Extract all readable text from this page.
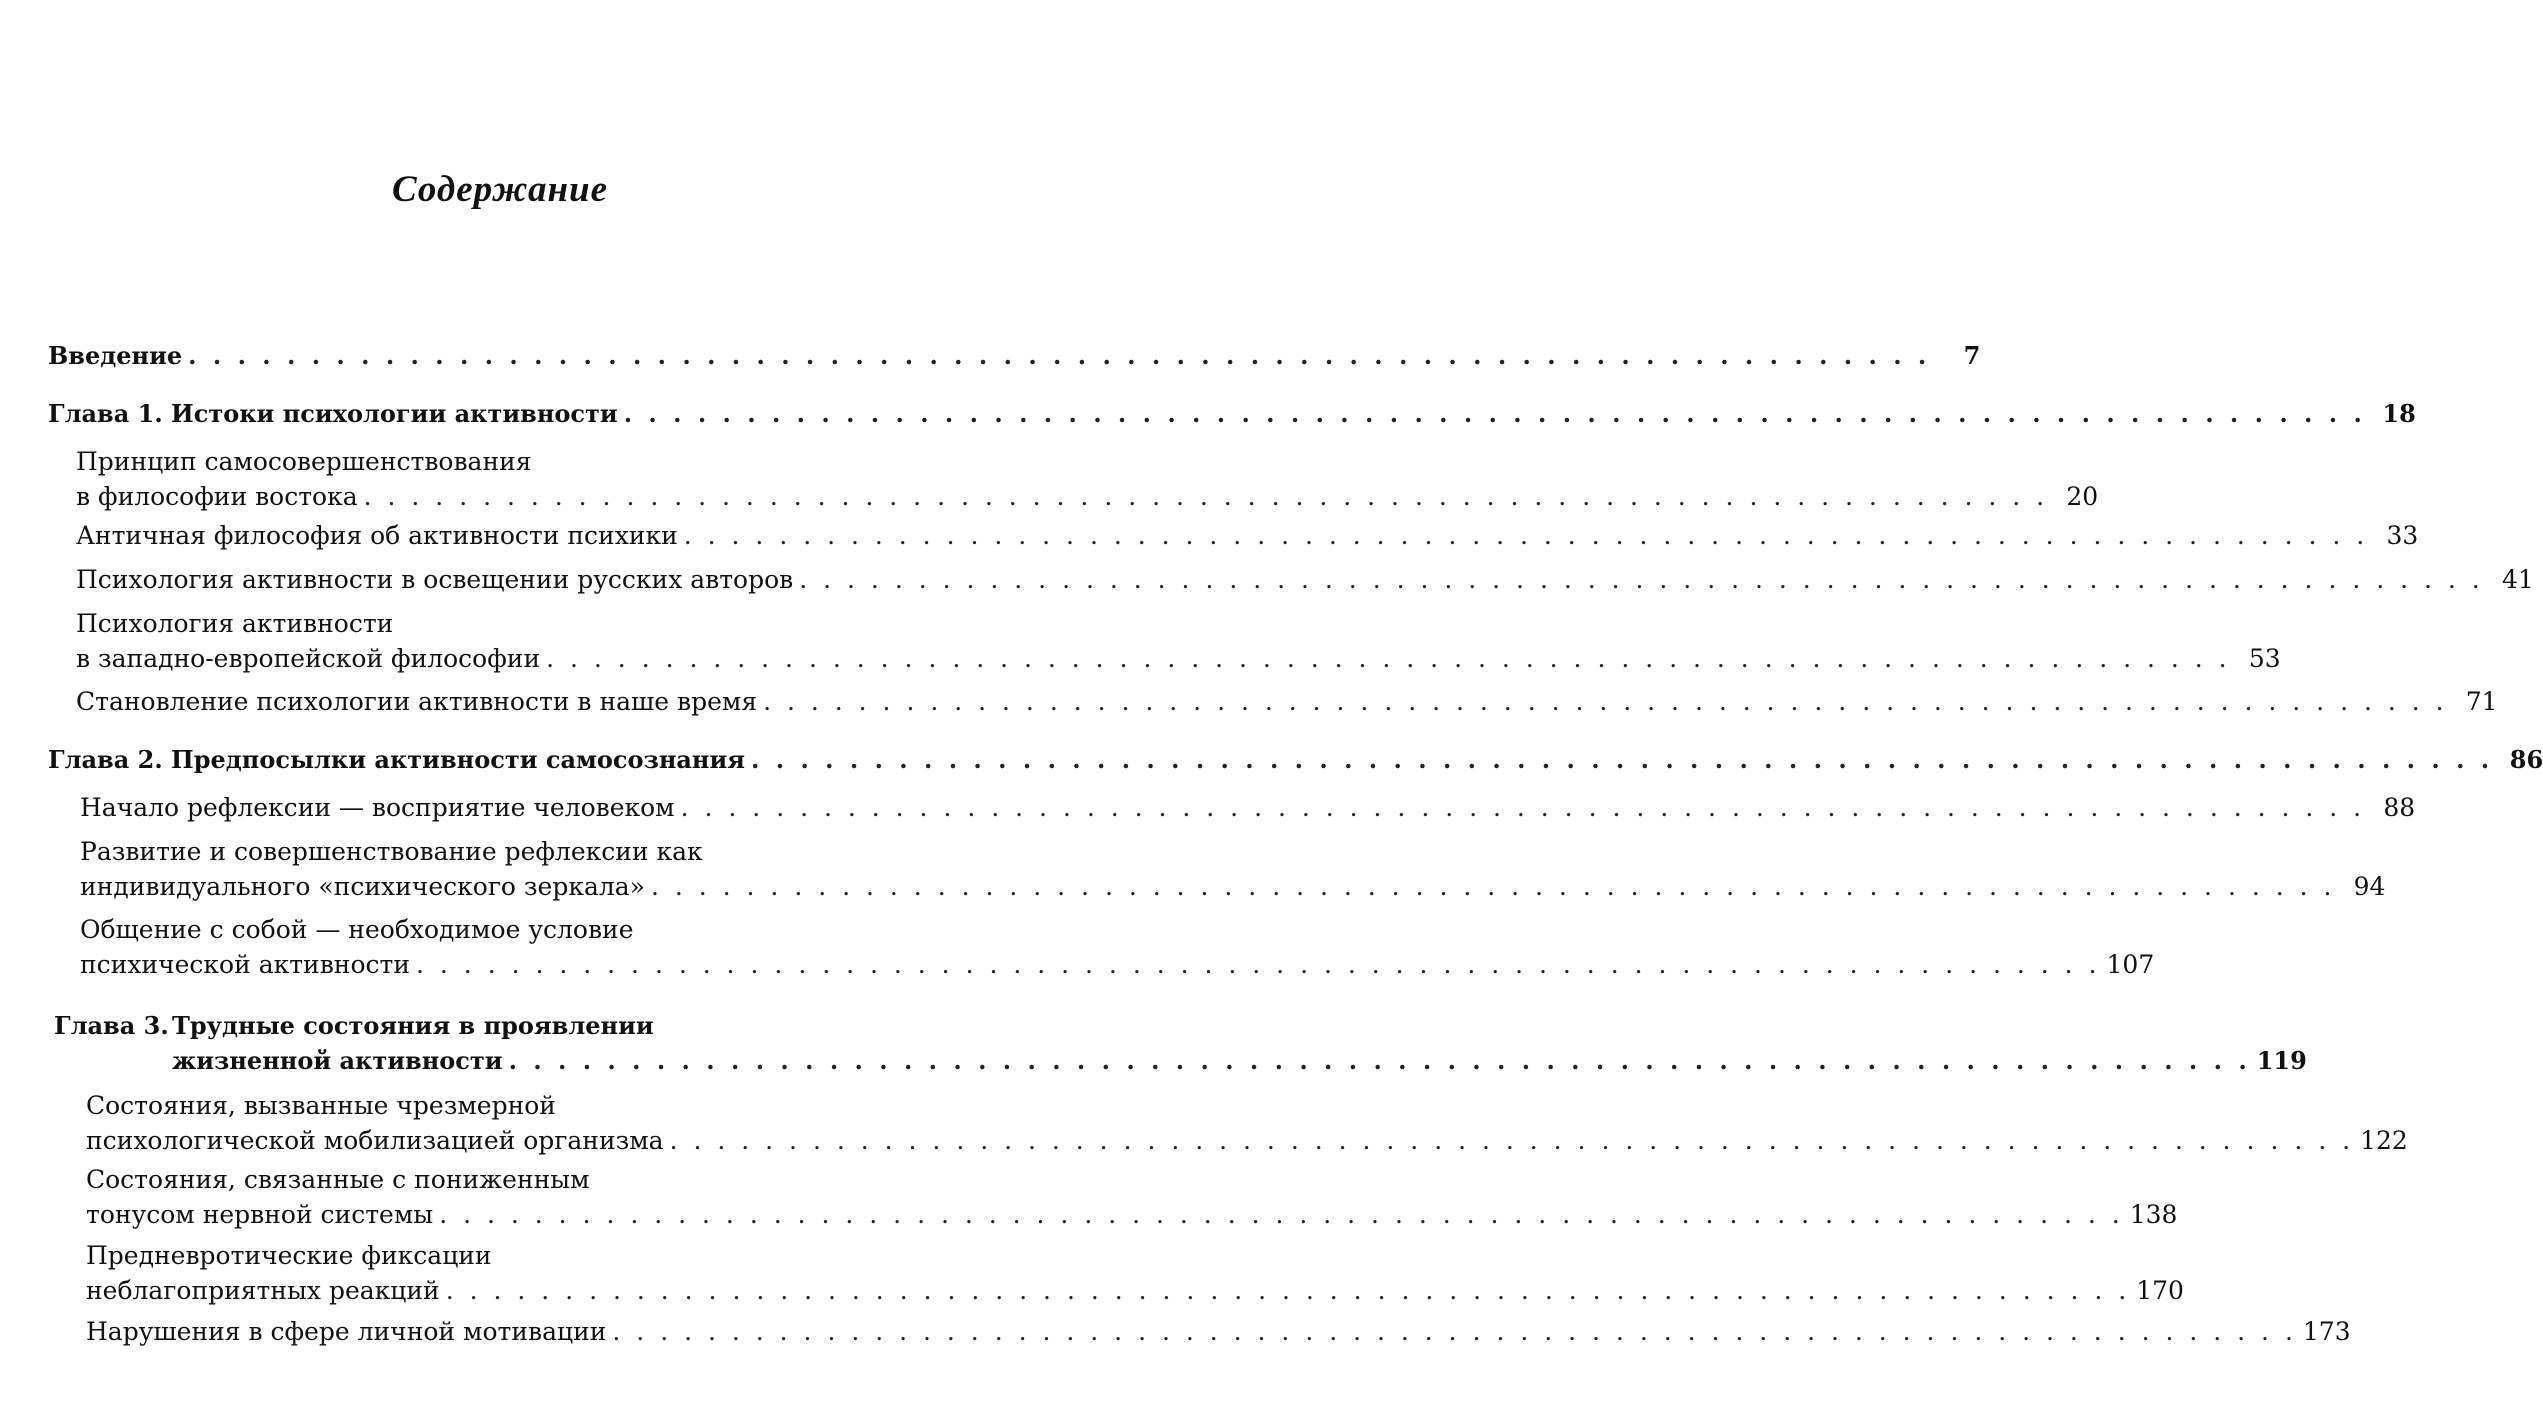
Содержание
Введение . . .	7
Глава 1. Истоки психологии активности . . .	18
Принцип самосовершенствования
в философии востока . . .	20
Античная философия об активности психики . . .	33
Психология активности в освещении русских авторов . . .	41
Психология активности
в западно-европейской философии . . .	53
Становление психологии активности в наше время . . .	71
Глава 2. Предпосылки активности самосознания . . .	86
Начало рефлексии — восприятие человеком . . .	88
Развитие и совершенствование рефлексии как
индивидуального «психического зеркала» . . .	94
Общение с собой — необходимое условие
психической активности . . .	107
Глава 3. Трудные состояния в проявлении
жизненной активности . . .	119
Состояния, вызванные чрезмерной
психологической мобилизацией организма . . .	122
Состояния, связанные с пониженным
тонусом нервной системы . . .	138
Предневротические фиксации
неблагоприятных реакций . . .	170
Нарушения в сфере личной мотивации . . .	173
